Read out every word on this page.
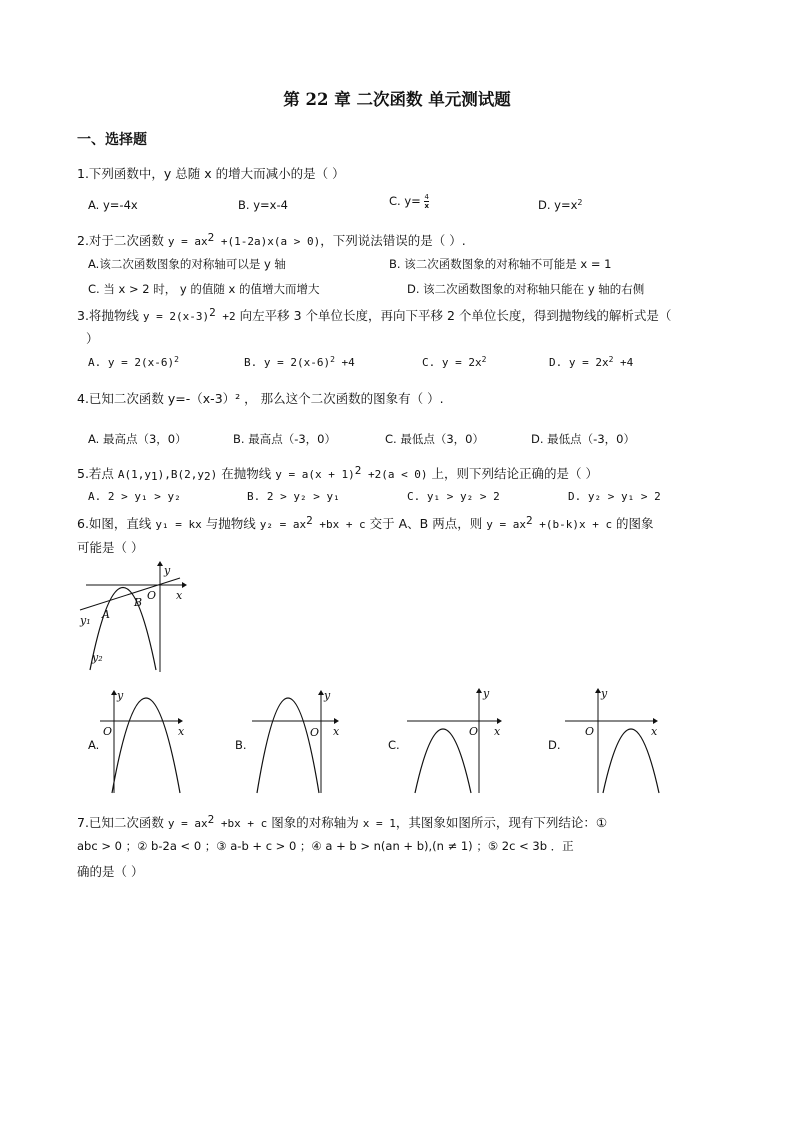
第 22 章 二次函数 单元测试题
一、选择题
1.下列函数中，y 总随 x 的增大而减小的是（ ）
A. y=-4x	B. y=x-4	C. $y= \frac{4}{x}$	D. $y=x^2$
2.对于二次函数 $y = ax^2 +(1-2a)x(a > 0)$，下列说法错误的是（ ）.
A.该二次函数图象的对称轴可以是 y 轴	B. 该二次函数图象的对称轴不可能是 x = 1
C. 当 x > 2 时， y 的值随 x 的值增大而增大	D. 该二次函数图象的对称轴只能在 y 轴的右侧
3.将抛物线 $y = 2(x-3)^2 +2$ 向左平移 3 个单位长度，再向下平移 2 个单位长度，得到抛物线的解析式是（
）
A. $y = 2(x-6)^2$	B. $y = 2(x-6)^2 +4$	C. $y = 2x^2$	D. $y = 2x^2 +4$
4.已知二次函数 y=-（x-3）² ， 那么这个二次函数的图象有（ ）.
A. 最高点（3，0）	B. 最高点（-3，0）	C. 最低点（3，0）	D. 最低点（-3，0）
5.若点 $A(1,y_1),B(2,y_2)$ 在抛物线 $y = a(x + 1)^2 +2(a < 0)$ 上，则下列结论正确的是（ ）
A. 2 > y₁ > y₂	B. 2 > y₂ > y₁	C. y₁ > y₂ > 2	D. y₂ > y₁ > 2
6.如图，直线 y₁ = kx 与抛物线 $y_2 = ax^2 +bx + c$ 交于 A、B 两点，则 $y = ax^2 +(b-k)x + c$ 的图象
可能是（ ）
y
x
O
A
B
y₁
y₂
A.
y
x
O
B.
y
x
O
C.
y
x
O
D.
y
x
O
7.已知二次函数 $y = ax^2 +bx + c$ 图象的对称轴为 x = 1，其图象如图所示，现有下列结论：①
abc > 0 ；② b-2a < 0 ；③ a-b + c > 0 ；④ a + b > n(an + b),(n ≠ 1) ；⑤ 2c < 3b ．正
确的是（ ）
